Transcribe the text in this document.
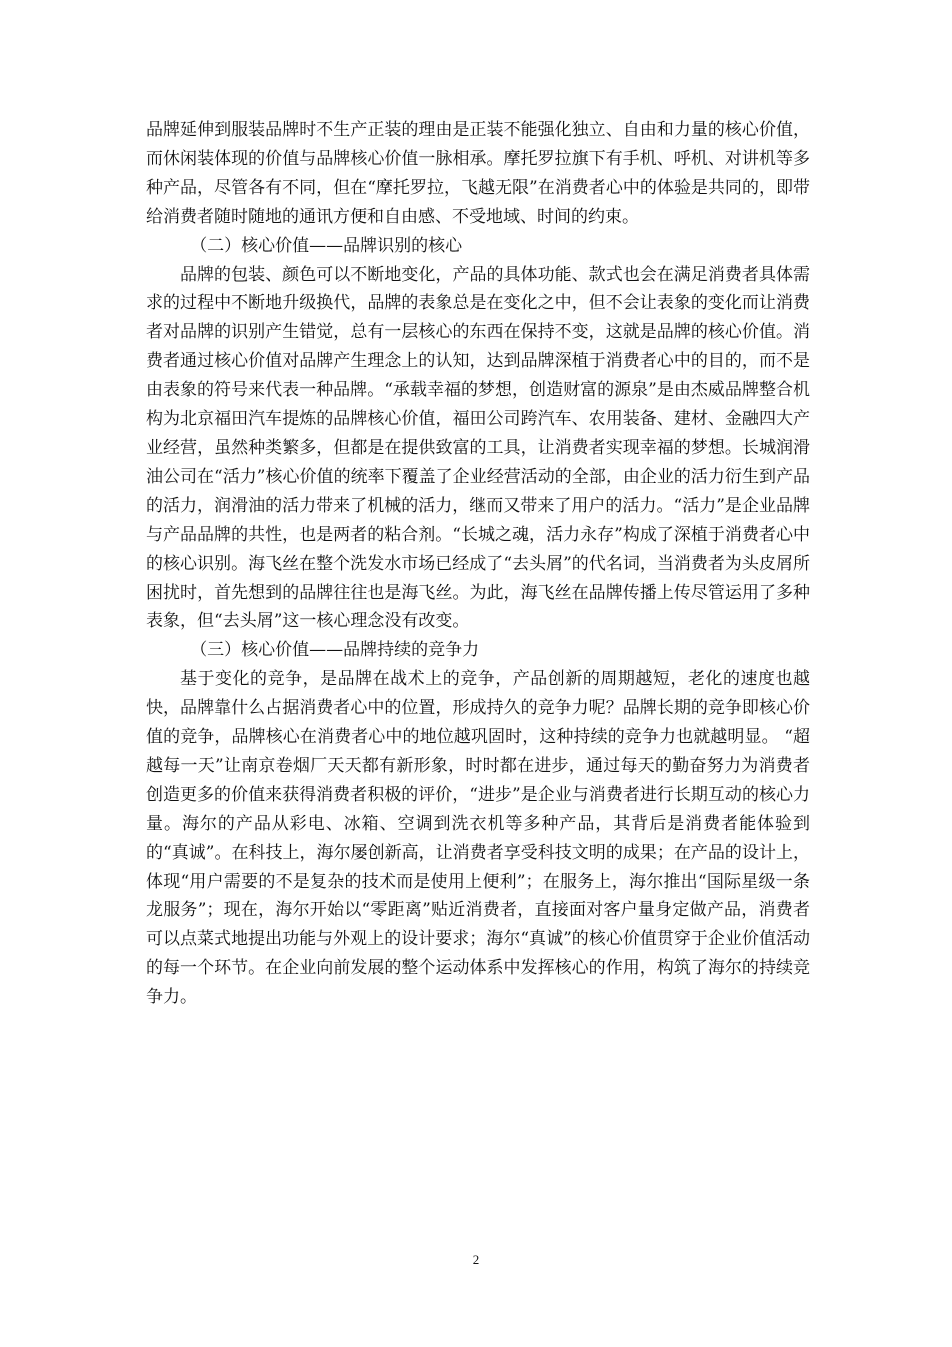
品牌延伸到服装品牌时不生产正装的理由是正装不能强化独立、自由和力量的核心价值，而休闲装体现的价值与品牌核心价值一脉相承。摩托罗拉旗下有手机、呼机、对讲机等多种产品，尽管各有不同，但在“摩托罗拉，飞越无限”在消费者心中的体验是共同的，即带给消费者随时随地的通讯方便和自由感、不受地域、时间的约束。

（二）核心价值——品牌识别的核心

品牌的包装、颜色可以不断地变化，产品的具体功能、款式也会在满足消费者具体需求的过程中不断地升级换代，品牌的表象总是在变化之中，但不会让表象的变化而让消费者对品牌的识别产生错觉，总有一层核心的东西在保持不变，这就是品牌的核心价值。消费者通过核心价值对品牌产生理念上的认知，达到品牌深植于消费者心中的目的，而不是由表象的符号来代表一种品牌。“承载幸福的梦想，创造财富的源泉”是由杰威品牌整合机构为北京福田汽车提炼的品牌核心价值，福田公司跨汽车、农用装备、建材、金融四大产业经营，虽然种类繁多，但都是在提供致富的工具，让消费者实现幸福的梦想。长城润滑油公司在“活力”核心价值的统率下覆盖了企业经营活动的全部，由企业的活力衍生到产品的活力，润滑油的活力带来了机械的活力，继而又带来了用户的活力。“活力”是企业品牌与产品品牌的共性，也是两者的粘合剂。“长城之魂，活力永存”构成了深植于消费者心中的核心识别。海飞丝在整个洗发水市场已经成了“去头屑”的代名词，当消费者为头皮屑所困扰时，首先想到的品牌往往也是海飞丝。为此，海飞丝在品牌传播上传尽管运用了多种表象，但“去头屑”这一核心理念没有改变。

（三）核心价值——品牌持续的竞争力

基于变化的竞争，是品牌在战术上的竞争，产品创新的周期越短，老化的速度也越快，品牌靠什么占据消费者心中的位置，形成持久的竞争力呢？品牌长期的竞争即核心价值的竞争，品牌核心在消费者心中的地位越巩固时，这种持续的竞争力也就越明显。 “超越每一天”让南京卷烟厂天天都有新形象，时时都在进步，通过每天的勤奋努力为消费者创造更多的价值来获得消费者积极的评价，“进步”是企业与消费者进行长期互动的核心力量。海尔的产品从彩电、冰箱、空调到洗衣机等多种产品，其背后是消费者能体验到的“真诚”。在科技上，海尔屡创新高，让消费者享受科技文明的成果；在产品的设计上，体现“用户需要的不是复杂的技术而是使用上便利”；在服务上，海尔推出“国际星级一条龙服务”；现在，海尔开始以“零距离”贴近消费者，直接面对客户量身定做产品，消费者可以点菜式地提出功能与外观上的设计要求；海尔“真诚”的核心价值贯穿于企业价值活动的每一个环节。在企业向前发展的整个运动体系中发挥核心的作用，构筑了海尔的持续竞争力。

2
